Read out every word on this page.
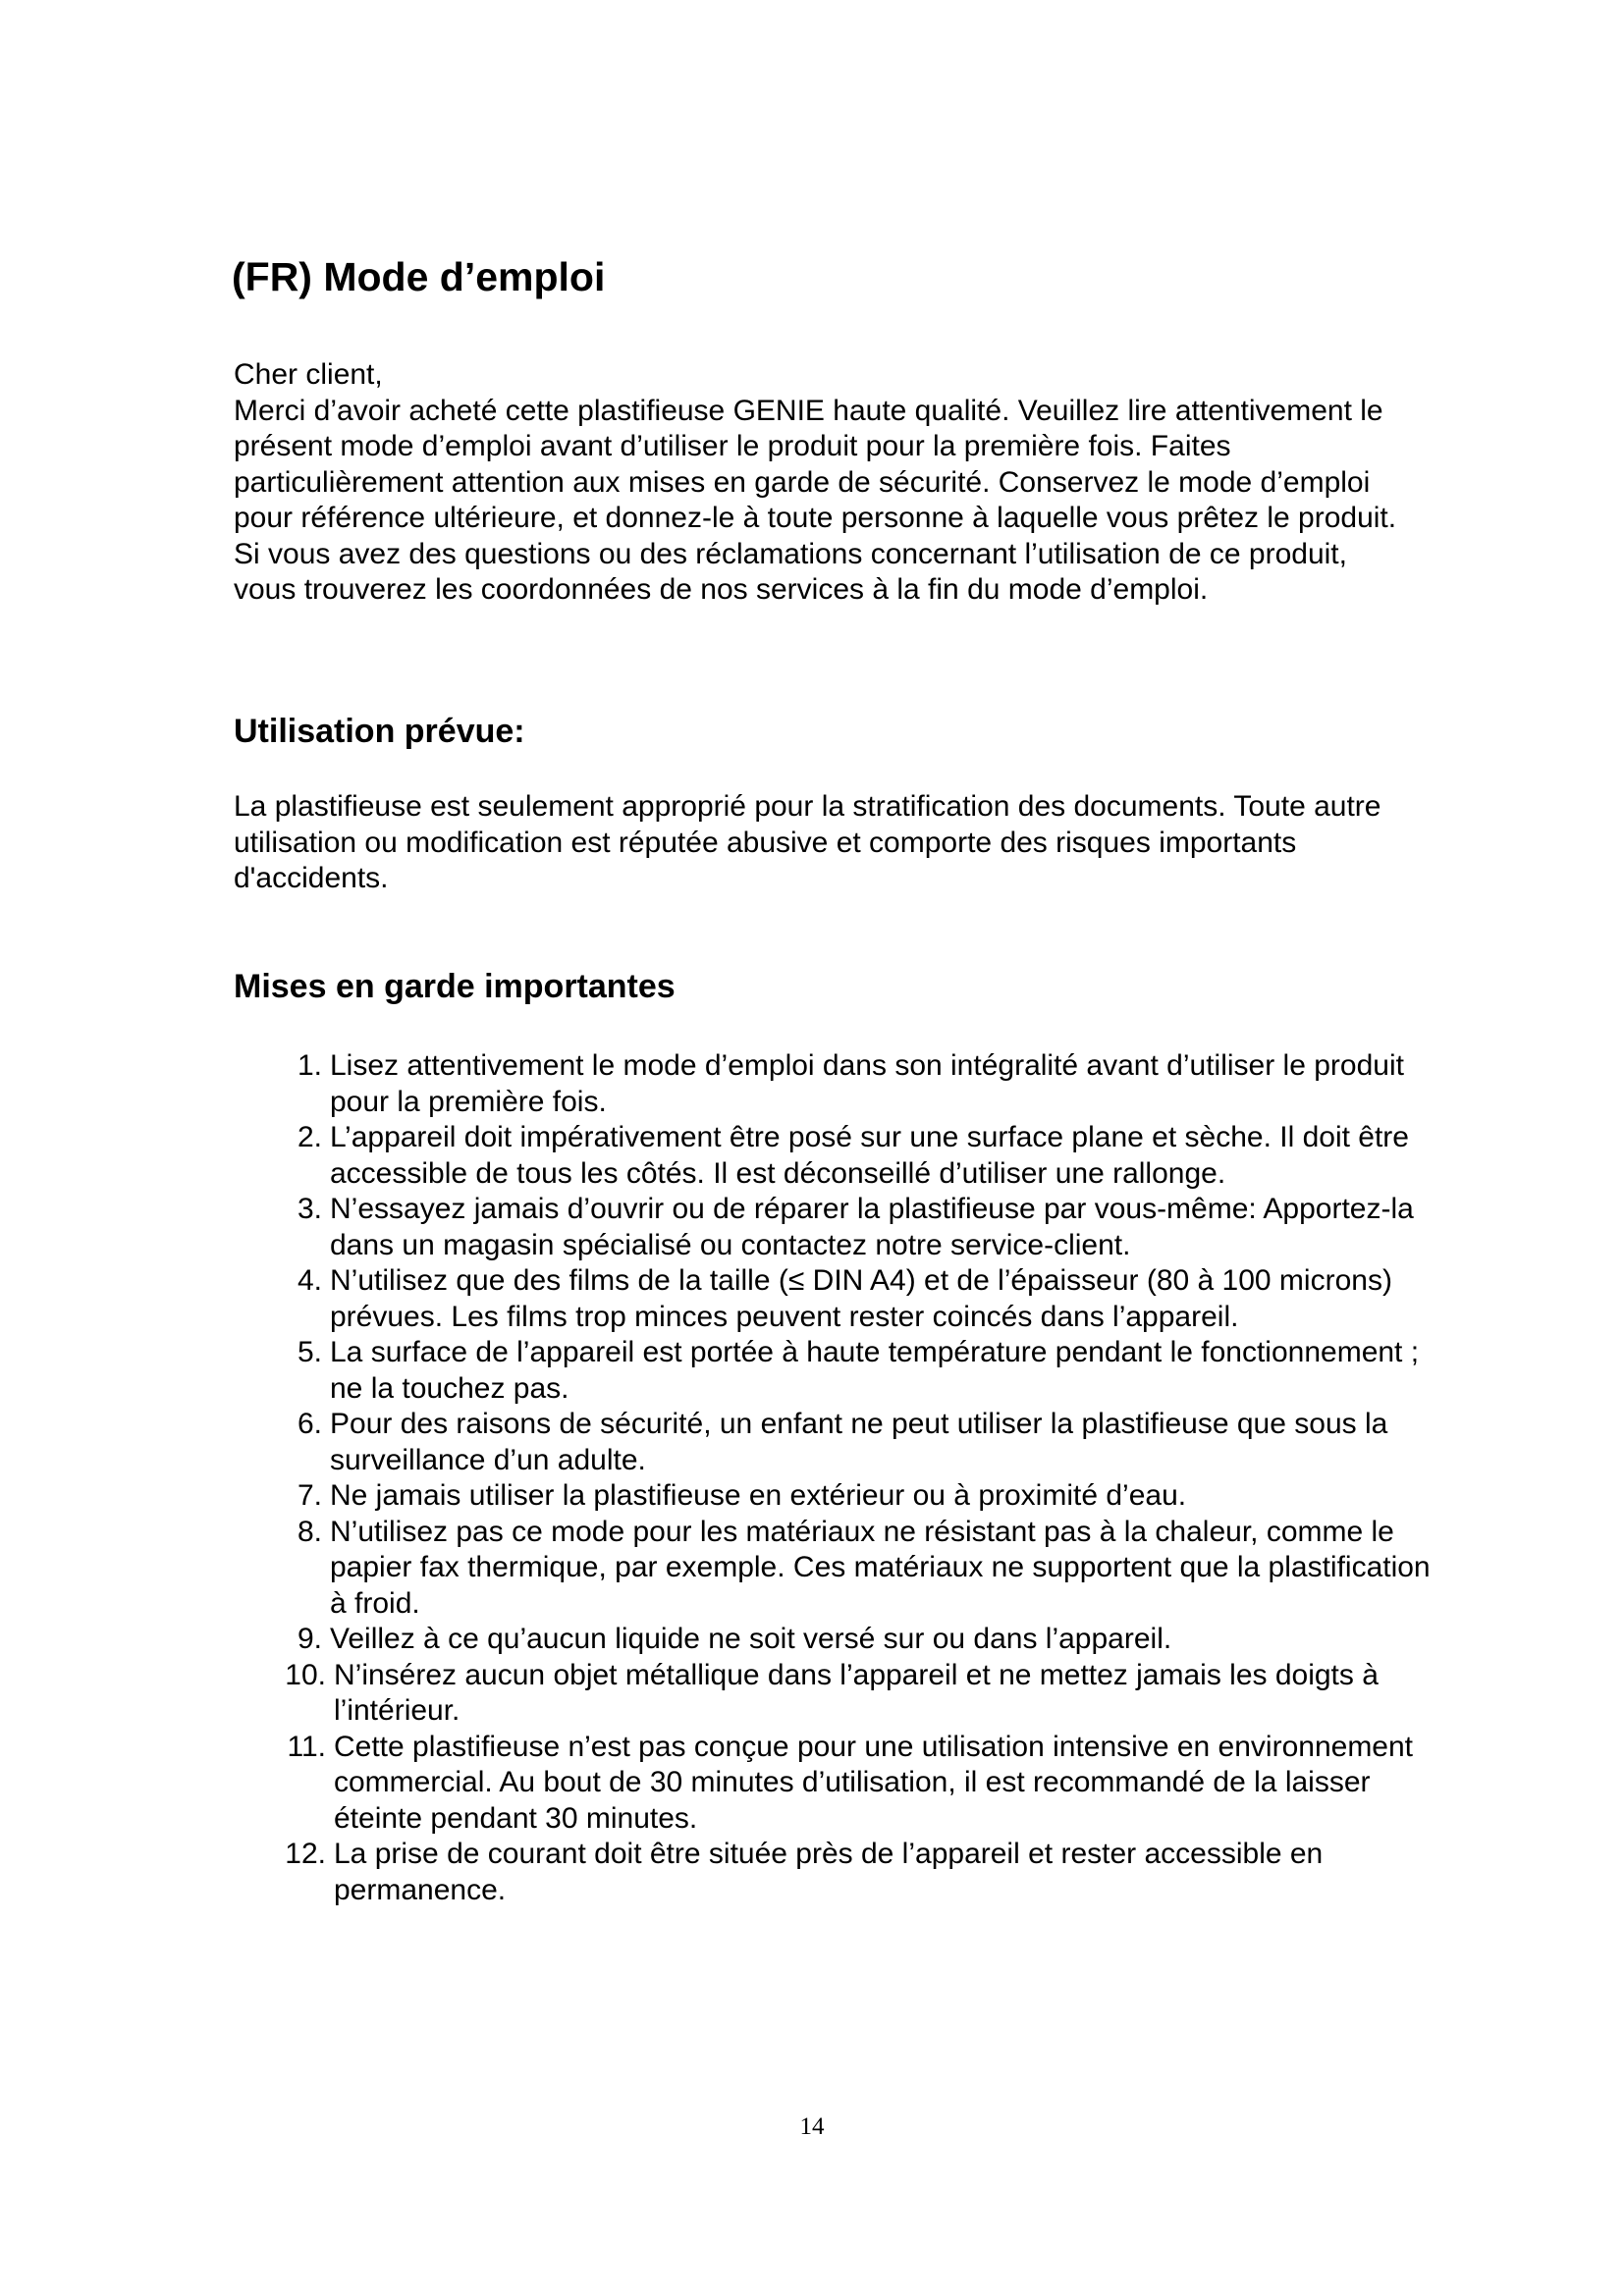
(FR) Mode d’emploi

Cher client,

Merci d’avoir acheté cette plastifieuse GENIE haute qualité. Veuillez lire attentivement le présent mode d’emploi avant d’utiliser le produit pour la première fois. Faites particulièrement attention aux mises en garde de sécurité. Conservez le mode d’emploi pour référence ultérieure, et donnez-le à toute personne à laquelle vous prêtez le produit. Si vous avez des questions ou des réclamations concernant l’utilisation de ce produit, vous trouverez les coordonnées de nos services à la fin du mode d’emploi.

Utilisation prévue:

La plastifieuse est seulement approprié pour la stratification des documents. Toute autre utilisation ou modification est réputée abusive et comporte des risques importants d'accidents.

Mises en garde importantes
1. Lisez attentivement le mode d’emploi dans son intégralité avant d’utiliser le produit pour la première fois.
2. L’appareil doit impérativement être posé sur une surface plane et sèche. Il doit être accessible de tous les côtés. Il est déconseillé d’utiliser une rallonge.
3. N’essayez jamais d’ouvrir ou de réparer la plastifieuse par vous-même: Apportez-la dans un magasin spécialisé ou contactez notre service-client.
4. N’utilisez que des films de la taille (≤ DIN A4) et de l’épaisseur (80 à 100 microns) prévues. Les films trop minces peuvent rester coincés dans l’appareil.
5. La surface de l’appareil est portée à haute température pendant le fonctionnement ; ne la touchez pas.
6. Pour des raisons de sécurité, un enfant ne peut utiliser la plastifieuse que sous la surveillance d’un adulte.
7. Ne jamais utiliser la plastifieuse en extérieur ou à proximité d’eau.
8. N’utilisez pas ce mode pour les matériaux ne résistant pas à la chaleur, comme le papier fax thermique, par exemple. Ces matériaux ne supportent que la plastification à froid.
9. Veillez à ce qu’aucun liquide ne soit versé sur ou dans l’appareil.
10. N’insérez aucun objet métallique dans l’appareil et ne mettez jamais les doigts à l’intérieur.
11. Cette plastifieuse n’est pas conçue pour une utilisation intensive en environnement commercial. Au bout de 30 minutes d’utilisation, il est recommandé de la laisser éteinte pendant 30 minutes.
12. La prise de courant doit être située près de l’appareil et rester accessible en permanence.
14
